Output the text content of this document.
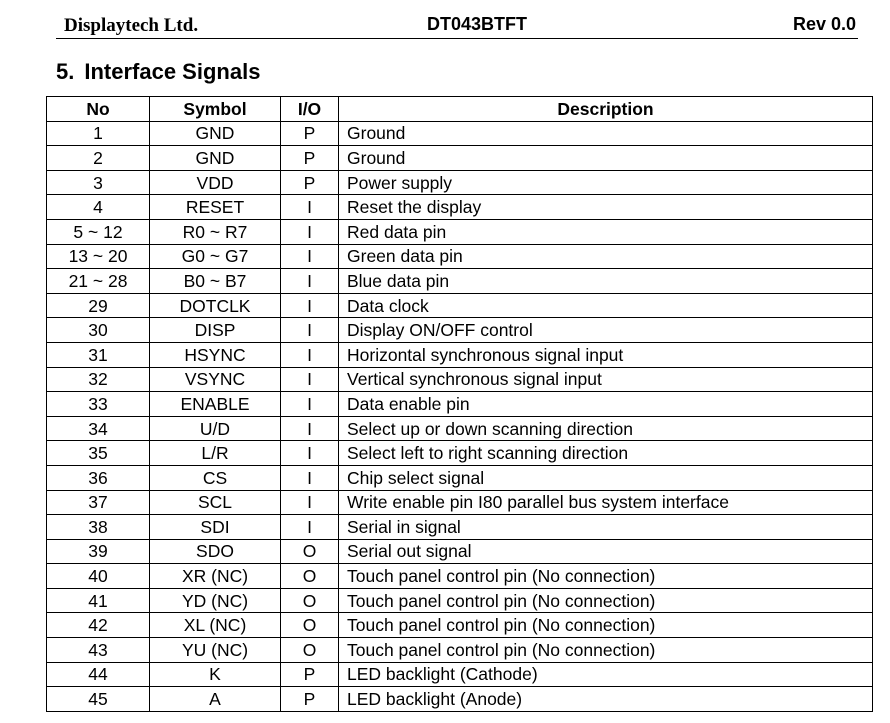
Displaytech Ltd.	DT043BTFT	Rev 0.0
5. Interface Signals
No	Symbol	I/O	Description
1	GND	P	Ground
2	GND	P	Ground
3	VDD	P	Power supply
4	RESET	I	Reset the display
5 ~ 12	R0 ~ R7	I	Red data pin
13 ~ 20	G0 ~ G7	I	Green data pin
21 ~ 28	B0 ~ B7	I	Blue data pin
29	DOTCLK	I	Data clock
30	DISP	I	Display ON/OFF control
31	HSYNC	I	Horizontal synchronous signal input
32	VSYNC	I	Vertical synchronous signal input
33	ENABLE	I	Data enable pin
34	U/D	I	Select up or down scanning direction
35	L/R	I	Select left to right scanning direction
36	CS	I	Chip select signal
37	SCL	I	Write enable pin I80 parallel bus system interface
38	SDI	I	Serial in signal
39	SDO	O	Serial out signal
40	XR (NC)	O	Touch panel control pin (No connection)
41	YD (NC)	O	Touch panel control pin (No connection)
42	XL (NC)	O	Touch panel control pin (No connection)
43	YU (NC)	O	Touch panel control pin (No connection)
44	K	P	LED backlight (Cathode)
45	A	P	LED backlight (Anode)
